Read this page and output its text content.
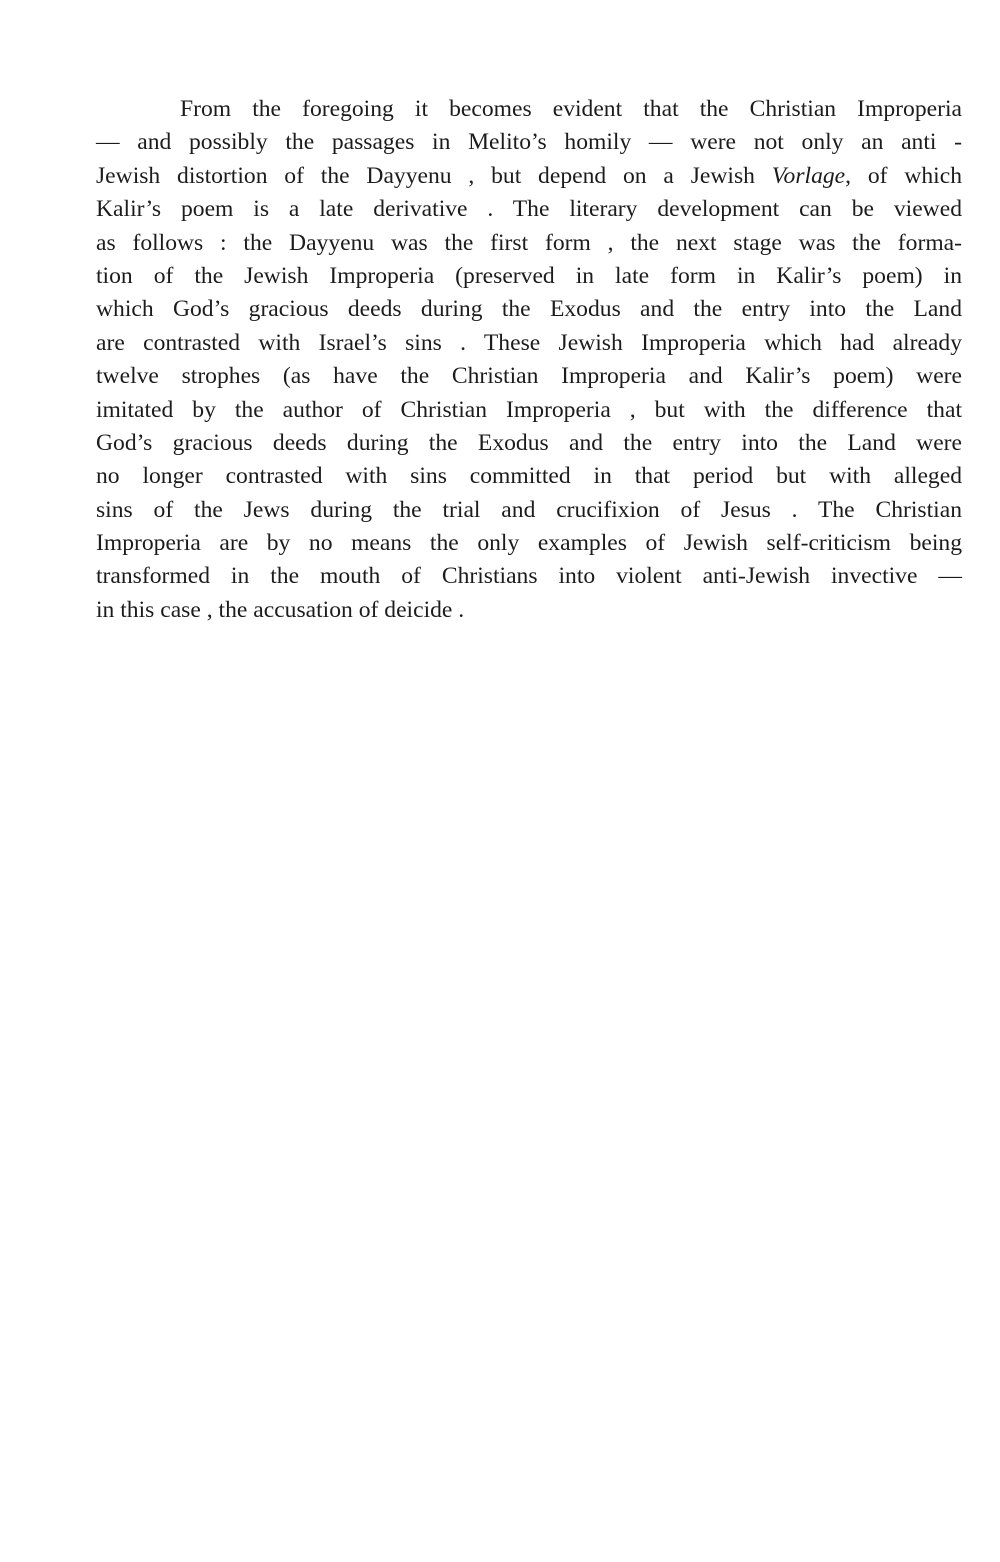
From the foregoing it becomes evident that the Christian Improperia
— and possibly the passages in Melito’s homily — were not only an anti -
Jewish distortion of the Dayyenu , but depend on a Jewish Vorlage, of which
Kalir’s poem is a late derivative . The literary development can be viewed
as follows : the Dayyenu was the first form , the next stage was the forma-
tion of the Jewish Improperia (preserved in late form in Kalir’s poem) in
which God’s gracious deeds during the Exodus and the entry into the Land
are contrasted with Israel’s sins . These Jewish Improperia which had already
twelve strophes (as have the Christian Improperia and Kalir’s poem) were
imitated by the author of Christian Improperia , but with the difference that
God’s gracious deeds during the Exodus and the entry into the Land were
no longer contrasted with sins committed in that period but with alleged
sins of the Jews during the trial and crucifixion of Jesus . The Christian
Improperia are by no means the only examples of Jewish self-criticism being
transformed in the mouth of Christians into violent anti-Jewish invective —
in this case , the accusation of deicide .
